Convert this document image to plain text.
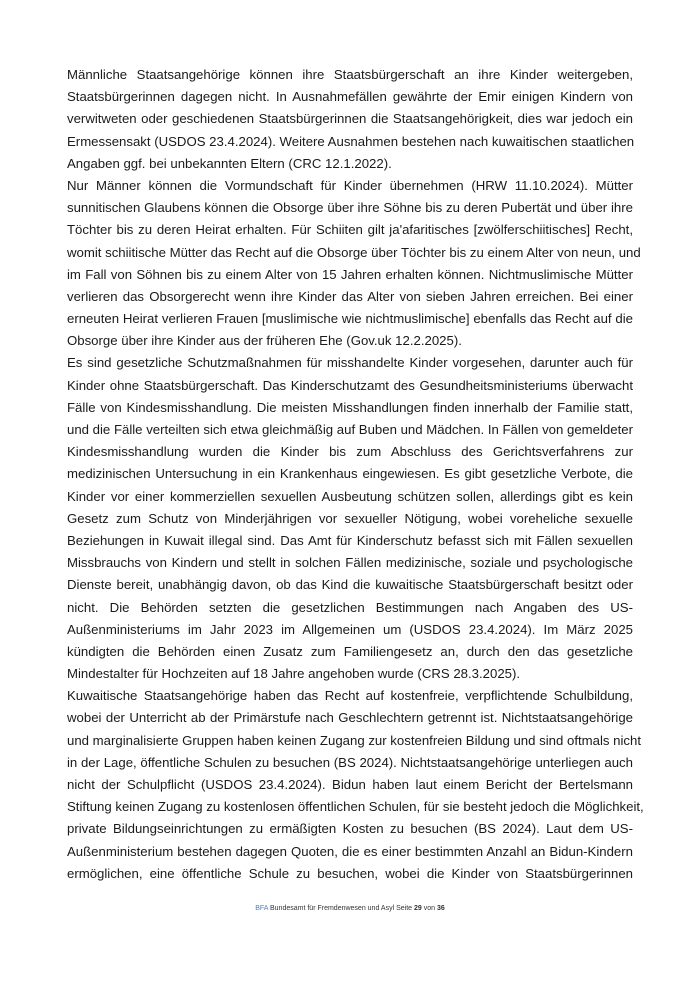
Männliche Staatsangehörige können ihre Staatsbürgerschaft an ihre Kinder weitergeben,
Staatsbürgerinnen dagegen nicht. In Ausnahmefällen gewährte der Emir einigen Kindern von
verwitweten oder geschiedenen Staatsbürgerinnen die Staatsangehörigkeit, dies war jedoch ein
Ermessensakt (USDOS 23.4.2024). Weitere Ausnahmen bestehen nach kuwaitischen staatlichen
Angaben ggf. bei unbekannten Eltern (CRC 12.1.2022).
Nur Männer können die Vormundschaft für Kinder übernehmen (HRW 11.10.2024). Mütter
sunnitischen Glaubens können die Obsorge über ihre Söhne bis zu deren Pubertät und über ihre
Töchter bis zu deren Heirat erhalten. Für Schiiten gilt ja'afaritisches [zwölferschiitisches] Recht,
womit schiitische Mütter das Recht auf die Obsorge über Töchter bis zu einem Alter von neun, und
im Fall von Söhnen bis zu einem Alter von 15 Jahren erhalten können. Nichtmuslimische Mütter
verlieren das Obsorgerecht wenn ihre Kinder das Alter von sieben Jahren erreichen. Bei einer
erneuten Heirat verlieren Frauen [muslimische wie nichtmuslimische] ebenfalls das Recht auf die
Obsorge über ihre Kinder aus der früheren Ehe (Gov.uk 12.2.2025).
Es sind gesetzliche Schutzmaßnahmen für misshandelte Kinder vorgesehen, darunter auch für
Kinder ohne Staatsbürgerschaft. Das Kinderschutzamt des Gesundheitsministeriums überwacht
Fälle von Kindesmisshandlung. Die meisten Misshandlungen finden innerhalb der Familie statt,
und die Fälle verteilten sich etwa gleichmäßig auf Buben und Mädchen. In Fällen von gemeldeter
Kindesmisshandlung wurden die Kinder bis zum Abschluss des Gerichtsverfahrens zur
medizinischen Untersuchung in ein Krankenhaus eingewiesen. Es gibt gesetzliche Verbote, die
Kinder vor einer kommerziellen sexuellen Ausbeutung schützen sollen, allerdings gibt es kein
Gesetz zum Schutz von Minderjährigen vor sexueller Nötigung, wobei voreheliche sexuelle
Beziehungen in Kuwait illegal sind. Das Amt für Kinderschutz befasst sich mit Fällen sexuellen
Missbrauchs von Kindern und stellt in solchen Fällen medizinische, soziale und psychologische
Dienste bereit, unabhängig davon, ob das Kind die kuwaitische Staatsbürgerschaft besitzt oder
nicht. Die Behörden setzten die gesetzlichen Bestimmungen nach Angaben des US-
Außenministeriums im Jahr 2023 im Allgemeinen um (USDOS 23.4.2024). Im März 2025
kündigten die Behörden einen Zusatz zum Familiengesetz an, durch den das gesetzliche
Mindestalter für Hochzeiten auf 18 Jahre angehoben wurde (CRS 28.3.2025).
Kuwaitische Staatsangehörige haben das Recht auf kostenfreie, verpflichtende Schulbildung,
wobei der Unterricht ab der Primärstufe nach Geschlechtern getrennt ist. Nichtstaatsangehörige
und marginalisierte Gruppen haben keinen Zugang zur kostenfreien Bildung und sind oftmals nicht
in der Lage, öffentliche Schulen zu besuchen (BS 2024). Nichtstaatsangehörige unterliegen auch
nicht der Schulpflicht (USDOS 23.4.2024). Bidun haben laut einem Bericht der Bertelsmann
Stiftung keinen Zugang zu kostenlosen öffentlichen Schulen, für sie besteht jedoch die Möglichkeit,
private Bildungseinrichtungen zu ermäßigten Kosten zu besuchen (BS 2024). Laut dem US-
Außenministerium bestehen dagegen Quoten, die es einer bestimmten Anzahl an Bidun-Kindern
ermöglichen, eine öffentliche Schule zu besuchen, wobei die Kinder von Staatsbürgerinnen
BFA Bundesamt für Fremdenwesen und Asyl Seite 29 von 36
